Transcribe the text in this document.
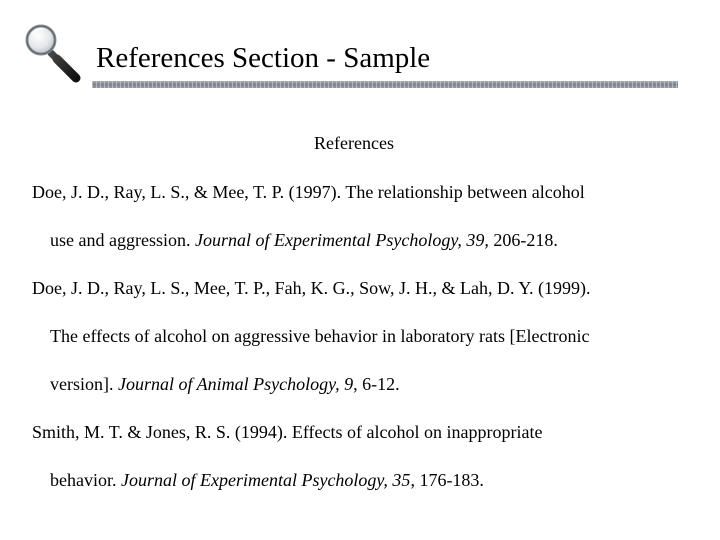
References Section - Sample
References
Doe, J. D., Ray, L. S., & Mee, T. P. (1997). The relationship between alcohol
use and aggression. Journal of Experimental Psychology, 39, 206-218.
Doe, J. D., Ray, L. S., Mee, T. P., Fah, K. G., Sow, J. H., & Lah, D. Y. (1999).
The effects of alcohol on aggressive behavior in laboratory rats [Electronic
version]. Journal of Animal Psychology, 9, 6-12.
Smith, M. T. & Jones, R. S. (1994). Effects of alcohol on inappropriate
behavior. Journal of Experimental Psychology, 35, 176-183.
